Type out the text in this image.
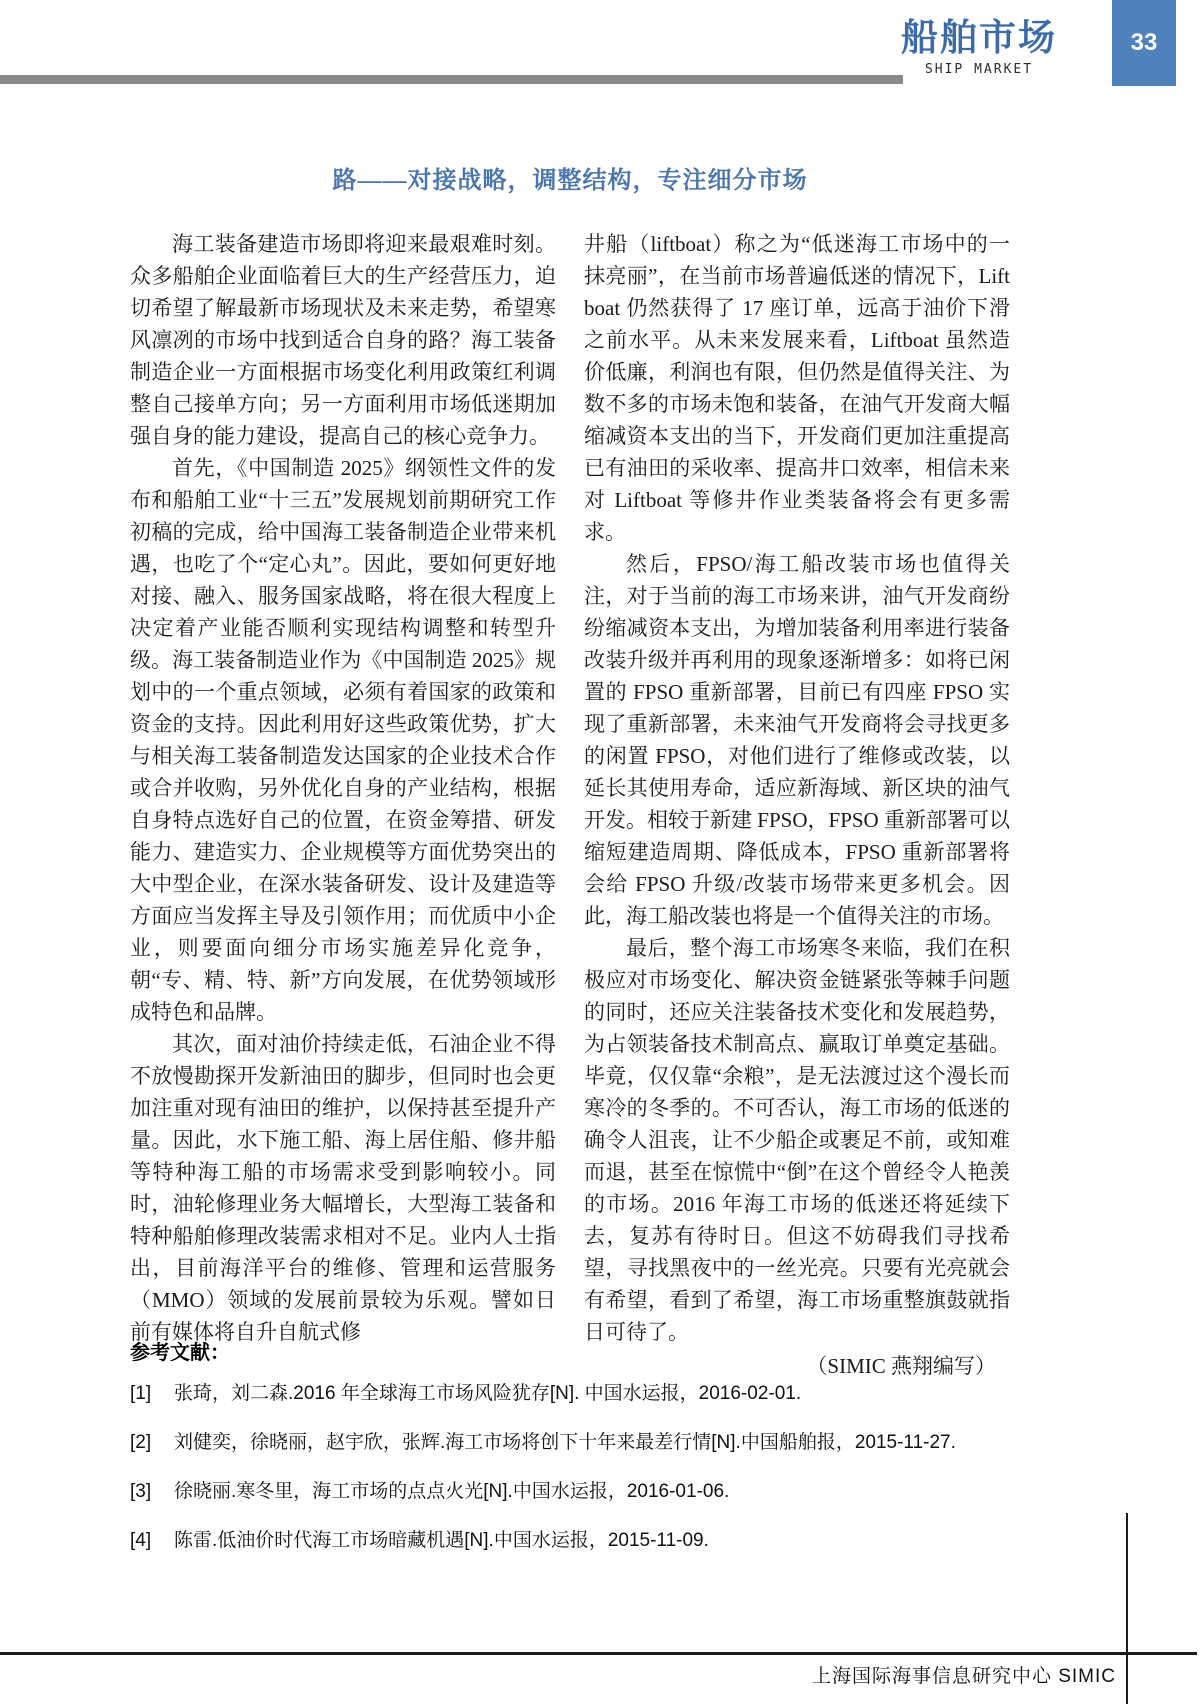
船舶市场
SHIP MARKET
33
路——对接战略，调整结构，专注细分市场

海工装备建造市场即将迎来最艰难时刻。众多船舶企业面临着巨大的生产经营压力，迫切希望了解最新市场现状及未来走势，希望寒风凛冽的市场中找到适合自身的路？海工装备制造企业一方面根据市场变化利用政策红利调整自己接单方向；另一方面利用市场低迷期加强自身的能力建设，提高自己的核心竞争力。

首先，《中国制造 2025》纲领性文件的发布和船舶工业“十三五”发展规划前期研究工作初稿的完成，给中国海工装备制造企业带来机遇，也吃了个“定心丸”。因此，要如何更好地对接、融入、服务国家战略，将在很大程度上决定着产业能否顺利实现结构调整和转型升级。海工装备制造业作为《中国制造 2025》规划中的一个重点领域，必须有着国家的政策和资金的支持。因此利用好这些政策优势，扩大与相关海工装备制造发达国家的企业技术合作或合并收购，另外优化自身的产业结构，根据自身特点选好自己的位置，在资金筹措、研发能力、建造实力、企业规模等方面优势突出的大中型企业，在深水装备研发、设计及建造等方面应当发挥主导及引领作用；而优质中小企业，则要面向细分市场实施差异化竞争，朝“专、精、特、新”方向发展，在优势领域形成特色和品牌。

其次，面对油价持续走低，石油企业不得不放慢勘探开发新油田的脚步，但同时也会更加注重对现有油田的维护，以保持甚至提升产量。因此，水下施工船、海上居住船、修井船等特种海工船的市场需求受到影响较小。同时，油轮修理业务大幅增长，大型海工装备和特种船舶修理改装需求相对不足。业内人士指出，目前海洋平台的维修、管理和运营服务（MMO）领域的发展前景较为乐观。譬如日前有媒体将自升自航式修

井船（liftboat）称之为“低迷海工市场中的一抹亮丽”，在当前市场普遍低迷的情况下，Liftboat 仍然获得了 17 座订单，远高于油价下滑之前水平。从未来发展来看，Liftboat 虽然造价低廉，利润也有限，但仍然是值得关注、为数不多的市场未饱和装备，在油气开发商大幅缩减资本支出的当下，开发商们更加注重提高已有油田的采收率、提高井口效率，相信未来对 Liftboat 等修井作业类装备将会有更多需求。

然后，FPSO/海工船改装市场也值得关注，对于当前的海工市场来讲，油气开发商纷纷缩减资本支出，为增加装备利用率进行装备改装升级并再利用的现象逐渐增多：如将已闲置的 FPSO 重新部署，目前已有四座 FPSO 实现了重新部署，未来油气开发商将会寻找更多的闲置 FPSO，对他们进行了维修或改装，以延长其使用寿命，适应新海域、新区块的油气开发。相较于新建 FPSO，FPSO 重新部署可以缩短建造周期、降低成本，FPSO 重新部署将会给 FPSO 升级/改装市场带来更多机会。因此，海工船改装也将是一个值得关注的市场。

最后，整个海工市场寒冬来临，我们在积极应对市场变化、解决资金链紧张等棘手问题的同时，还应关注装备技术变化和发展趋势，为占领装备技术制高点、赢取订单奠定基础。毕竟，仅仅靠“余粮”，是无法渡过这个漫长而寒冷的冬季的。不可否认，海工市场的低迷的确令人沮丧，让不少船企或裹足不前，或知难而退，甚至在惊慌中“倒”在这个曾经令人艳羡的市场。2016 年海工市场的低迷还将延续下去，复苏有待时日。但这不妨碍我们寻找希望，寻找黑夜中的一丝光亮。只要有光亮就会有希望，看到了希望，海工市场重整旗鼓就指日可待了。

（SIMIC 燕翔编写）
参考文献：
[1]	张琦，刘二森.2016 年全球海工市场风险犹存[N]. 中国水运报，2016-02-01.
[2]	刘健奕，徐晓丽，赵宇欣，张辉.海工市场将创下十年来最差行情[N].中国船舶报，2015-11-27.
[3]	徐晓丽.寒冬里，海工市场的点点火光[N].中国水运报，2016-01-06.
[4]	陈雷.低油价时代海工市场暗藏机遇[N].中国水运报，2015-11-09.
上海国际海事信息研究中心 SIMIC
